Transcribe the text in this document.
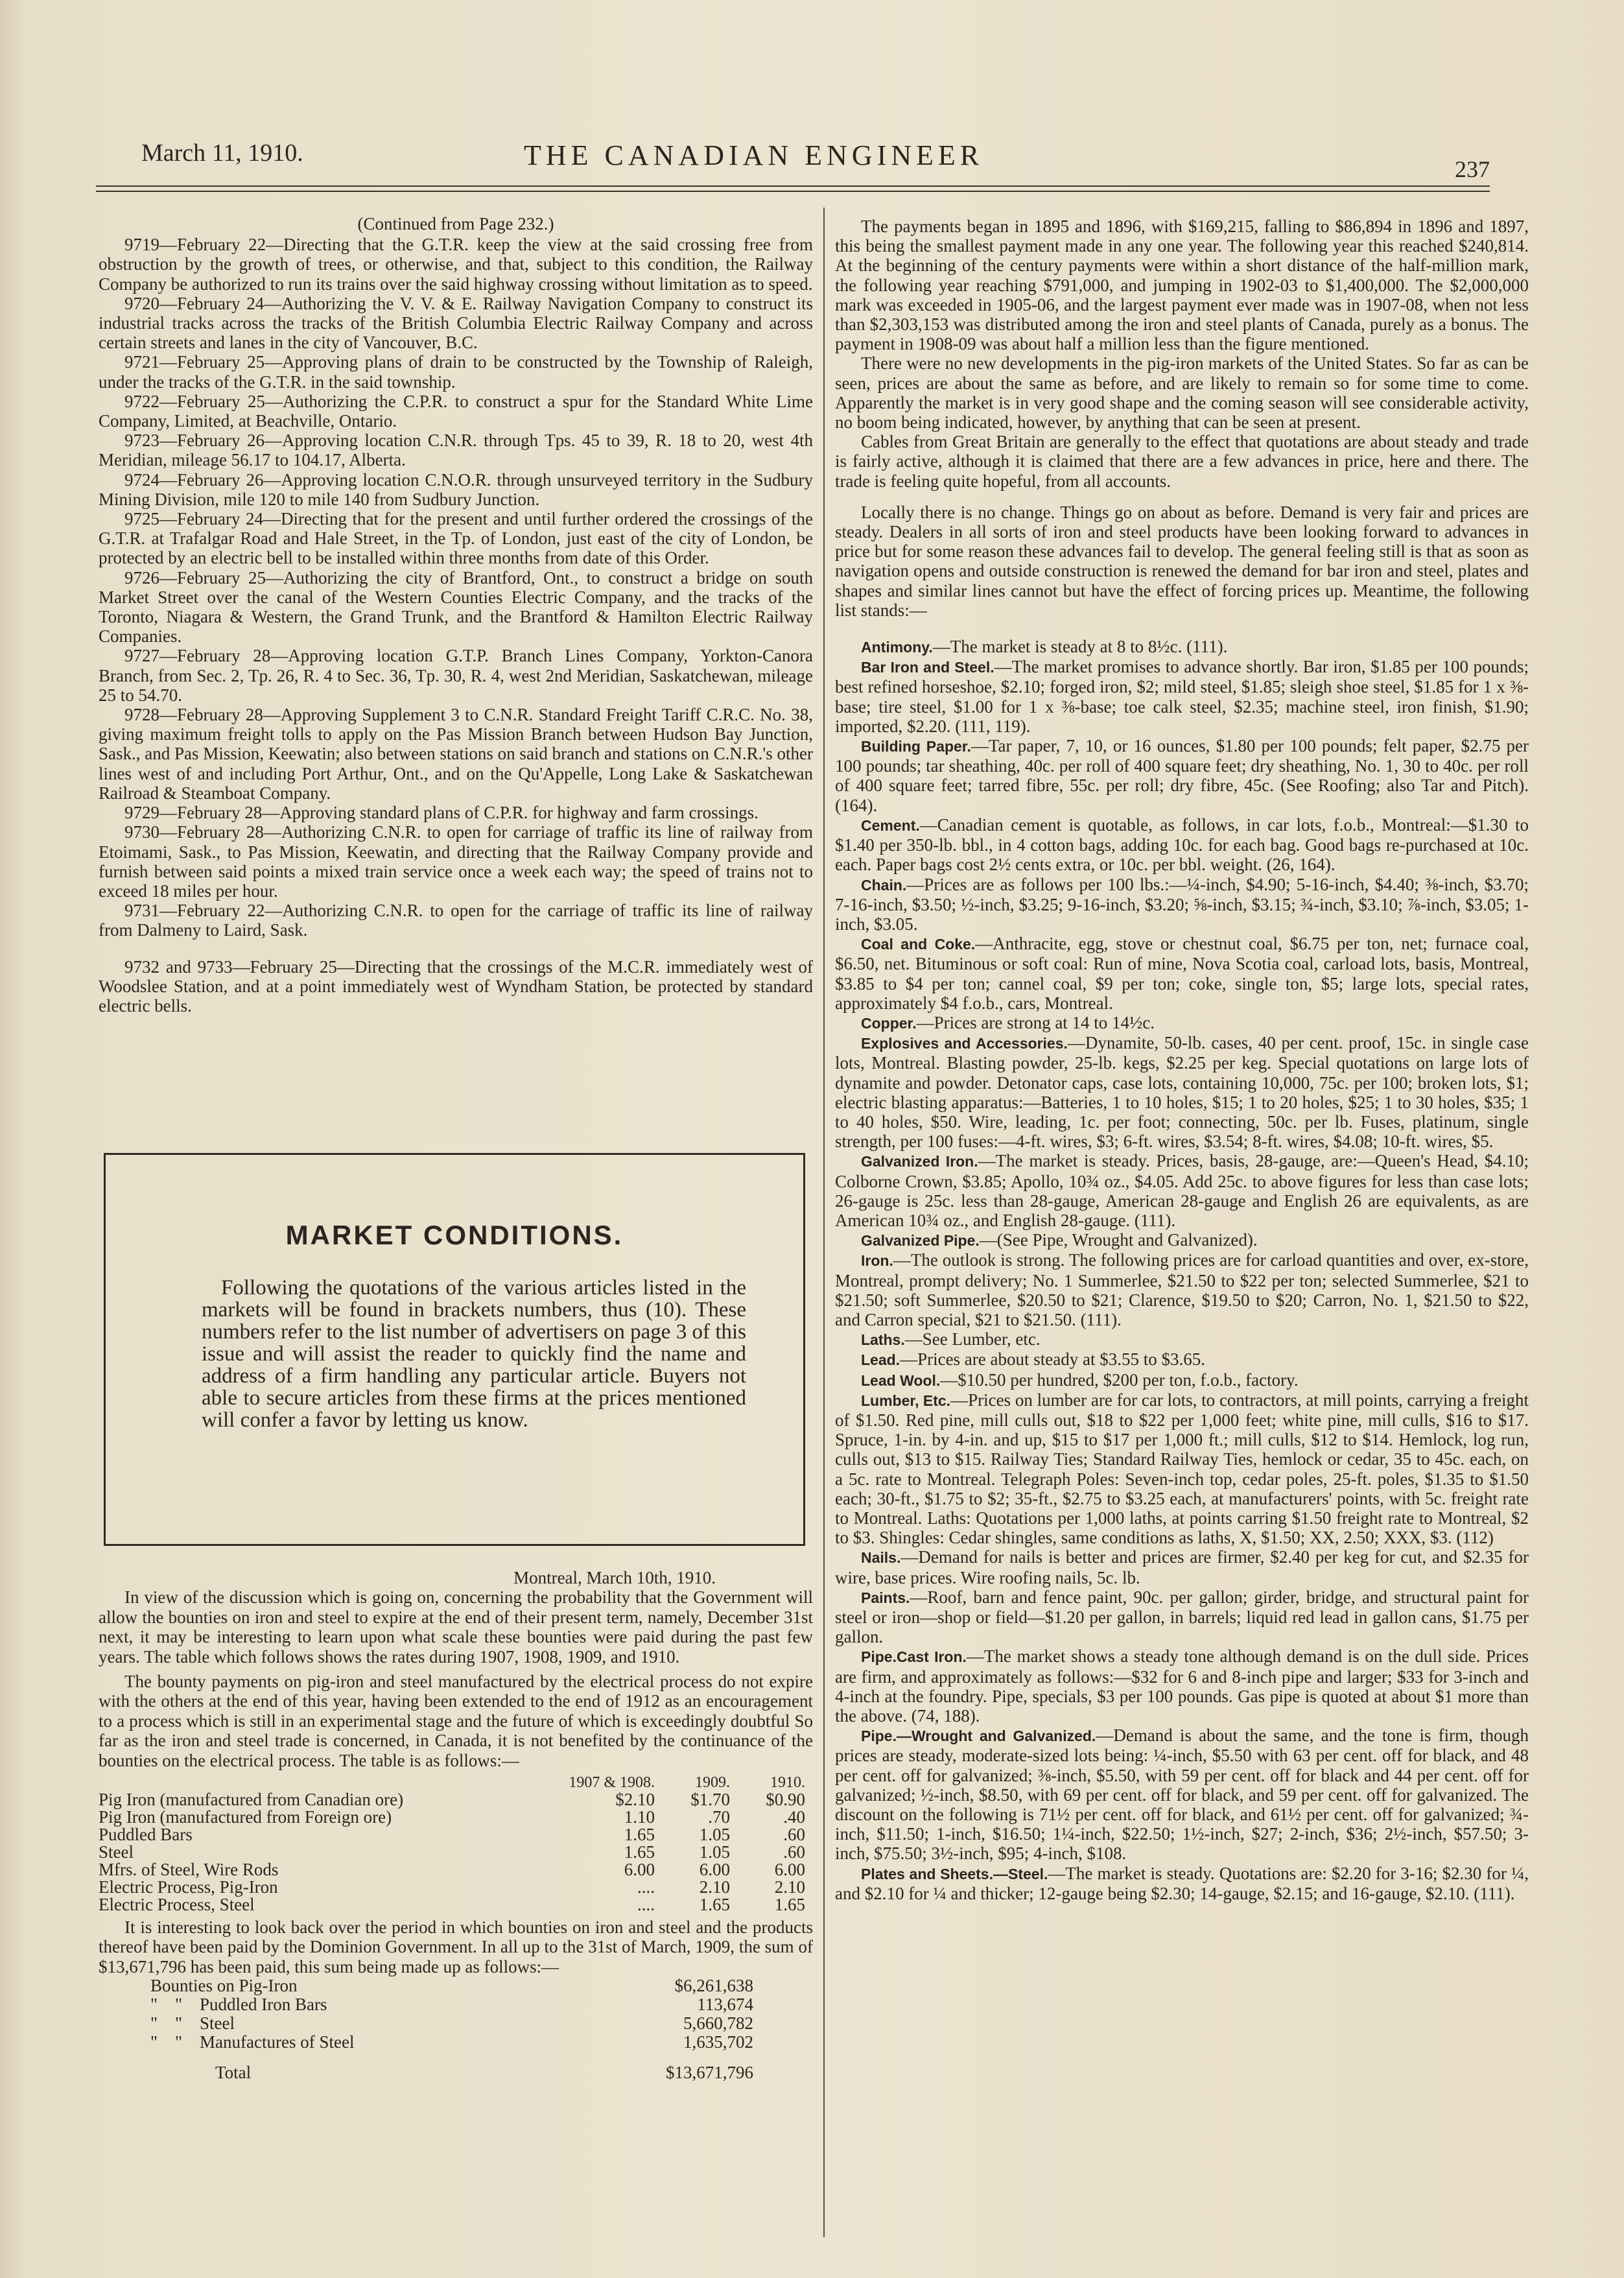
March 11, 1910.	THE CANADIAN ENGINEER	237

(Continued from Page 232.)

9719—February 22—Directing that the G.T.R. keep the view at the said crossing free from obstruction by the growth of trees, or otherwise, and that, subject to this condition, the Railway Company be authorized to run its trains over the said highway crossing without limitation as to speed.

9720—February 24—Authorizing the V. V. & E. Railway Navigation Company to construct its industrial tracks across the tracks of the British Columbia Electric Railway Company and across certain streets and lanes in the city of Vancouver, B.C.

9721—February 25—Approving plans of drain to be constructed by the Township of Raleigh, under the tracks of the G.T.R. in the said township.

9722—February 25—Authorizing the C.P.R. to construct a spur for the Standard White Lime Company, Limited, at Beachville, Ontario.

9723—February 26—Approving location C.N.R. through Tps. 45 to 39, R. 18 to 20, west 4th Meridian, mileage 56.17 to 104.17, Alberta.

9724—February 26—Approving location C.N.O.R. through unsurveyed territory in the Sudbury Mining Division, mile 120 to mile 140 from Sudbury Junction.

9725—February 24—Directing that for the present and until further ordered the crossings of the G.T.R. at Trafalgar Road and Hale Street, in the Tp. of London, just east of the city of London, be protected by an electric bell to be installed within three months from date of this Order.

9726—February 25—Authorizing the city of Brantford, Ont., to construct a bridge on south Market Street over the canal of the Western Counties Electric Company, and the tracks of the Toronto, Niagara & Western, the Grand Trunk, and the Brantford & Hamilton Electric Railway Companies.

9727—February 28—Approving location G.T.P. Branch Lines Company, Yorkton-Canora Branch, from Sec. 2, Tp. 26, R. 4 to Sec. 36, Tp. 30, R. 4, west 2nd Meridian, Saskatchewan, mileage 25 to 54.70.

9728—February 28—Approving Supplement 3 to C.N.R. Standard Freight Tariff C.R.C. No. 38, giving maximum freight tolls to apply on the Pas Mission Branch between Hudson Bay Junction, Sask., and Pas Mission, Keewatin; also between stations on said branch and stations on C.N.R.'s other lines west of and including Port Arthur, Ont., and on the Qu'Appelle, Long Lake & Saskatchewan Railroad & Steamboat Company.

9729—February 28—Approving standard plans of C.P.R. for highway and farm crossings.

9730—February 28—Authorizing C.N.R. to open for carriage of traffic its line of railway from Etoimami, Sask., to Pas Mission, Keewatin, and directing that the Railway Company provide and furnish between said points a mixed train service once a week each way; the speed of trains not to exceed 18 miles per hour.

9731—February 22—Authorizing C.N.R. to open for the carriage of traffic its line of railway from Dalmeny to Laird, Sask.

9732 and 9733—February 25—Directing that the crossings of the M.C.R. immediately west of Woodslee Station, and at a point immediately west of Wyndham Station, be protected by standard electric bells.

MARKET CONDITIONS.
Following the quotations of the various articles listed in the markets will be found in brackets numbers, thus (10). These numbers refer to the list number of advertisers on page 3 of this issue and will assist the reader to quickly find the name and address of a firm handling any particular article. Buyers not able to secure articles from these firms at the prices mentioned will confer a favor by letting us know.

Montreal, March 10th, 1910.

In view of the discussion which is going on, concerning the probability that the Government will allow the bounties on iron and steel to expire at the end of their present term, namely, December 31st next, it may be interesting to learn upon what scale these bounties were paid during the past few years. The table which follows shows the rates during 1907, 1908, 1909, and 1910.

The bounty payments on pig-iron and steel manufactured by the electrical process do not expire with the others at the end of this year, having been extended to the end of 1912 as an encouragement to a process which is still in an experimental stage and the future of which is exceedingly doubtful So far as the iron and steel trade is concerned, in Canada, it is not benefited by the continuance of the bounties on the electrical process. The table is as follows:—

	1907 & 1908.	1909.	1910.
Pig Iron (manufactured from Canadian ore)	$2.10	$1.70	$0.90
Pig Iron (manufactured from Foreign ore)	1.10	.70	.40
Puddled Bars	1.65	1.05	.60
Steel	1.65	1.05	.60
Mfrs. of Steel, Wire Rods	6.00	6.00	6.00
Electric Process, Pig-Iron	....	2.10	2.10
Electric Process, Steel	....	1.65	1.65

It is interesting to look back over the period in which bounties on iron and steel and the products thereof have been paid by the Dominion Government. In all up to the 31st of March, 1909, the sum of $13,671,796 has been paid, this sum being made up as follows:—

Bounties on Pig-Iron	$6,261,638
"    "    Puddled Iron Bars	113,674
"    "    Steel	5,660,782
"    "    Manufactures of Steel	1,635,702
Total	$13,671,796

The payments began in 1895 and 1896, with $169,215, falling to $86,894 in 1896 and 1897, this being the smallest payment made in any one year. The following year this reached $240,814. At the beginning of the century payments were within a short distance of the half-million mark, the following year reaching $791,000, and jumping in 1902-03 to $1,400,000. The $2,000,000 mark was exceeded in 1905-06, and the largest payment ever made was in 1907-08, when not less than $2,303,153 was distributed among the iron and steel plants of Canada, purely as a bonus. The payment in 1908-09 was about half a million less than the figure mentioned.

There were no new developments in the pig-iron markets of the United States. So far as can be seen, prices are about the same as before, and are likely to remain so for some time to come. Apparently the market is in very good shape and the coming season will see considerable activity, no boom being indicated, however, by anything that can be seen at present.

Cables from Great Britain are generally to the effect that quotations are about steady and trade is fairly active, although it is claimed that there are a few advances in price, here and there. The trade is feeling quite hopeful, from all accounts.

Locally there is no change. Things go on about as before. Demand is very fair and prices are steady. Dealers in all sorts of iron and steel products have been looking forward to advances in price but for some reason these advances fail to develop. The general feeling still is that as soon as navigation opens and outside construction is renewed the demand for bar iron and steel, plates and shapes and similar lines cannot but have the effect of forcing prices up. Meantime, the following list stands:—

Antimony.—The market is steady at 8 to 8½c. (111).

Bar Iron and Steel.—The market promises to advance shortly. Bar iron, $1.85 per 100 pounds; best refined horseshoe, $2.10; forged iron, $2; mild steel, $1.85; sleigh shoe steel, $1.85 for 1 x ⅜-base; tire steel, $1.00 for 1 x ⅜-base; toe calk steel, $2.35; machine steel, iron finish, $1.90; imported, $2.20. (111, 119).

Building Paper.—Tar paper, 7, 10, or 16 ounces, $1.80 per 100 pounds; felt paper, $2.75 per 100 pounds; tar sheathing, 40c. per roll of 400 square feet; dry sheathing, No. 1, 30 to 40c. per roll of 400 square feet; tarred fibre, 55c. per roll; dry fibre, 45c. (See Roofing; also Tar and Pitch). (164).

Cement.—Canadian cement is quotable, as follows, in car lots, f.o.b., Montreal:—$1.30 to $1.40 per 350-lb. bbl., in 4 cotton bags, adding 10c. for each bag. Good bags re-purchased at 10c. each. Paper bags cost 2½ cents extra, or 10c. per bbl. weight. (26, 164).

Chain.—Prices are as follows per 100 lbs.:—¼-inch, $4.90; 5-16-inch, $4.40; ⅜-inch, $3.70; 7-16-inch, $3.50; ½-inch, $3.25; 9-16-inch, $3.20; ⅝-inch, $3.15; ¾-inch, $3.10; ⅞-inch, $3.05; 1-inch, $3.05.

Coal and Coke.—Anthracite, egg, stove or chestnut coal, $6.75 per ton, net; furnace coal, $6.50, net. Bituminous or soft coal: Run of mine, Nova Scotia coal, carload lots, basis, Montreal, $3.85 to $4 per ton; cannel coal, $9 per ton; coke, single ton, $5; large lots, special rates, approximately $4 f.o.b., cars, Montreal.

Copper.—Prices are strong at 14 to 14½c.

Explosives and Accessories.—Dynamite, 50-lb. cases, 40 per cent. proof, 15c. in single case lots, Montreal. Blasting powder, 25-lb. kegs, $2.25 per keg. Special quotations on large lots of dynamite and powder. Detonator caps, case lots, containing 10,000, 75c. per 100; broken lots, $1; electric blasting apparatus:—Batteries, 1 to 10 holes, $15; 1 to 20 holes, $25; 1 to 30 holes, $35; 1 to 40 holes, $50. Wire, leading, 1c. per foot; connecting, 50c. per lb. Fuses, platinum, single strength, per 100 fuses:—4-ft. wires, $3; 6-ft. wires, $3.54; 8-ft. wires, $4.08; 10-ft. wires, $5.

Galvanized Iron.—The market is steady. Prices, basis, 28-gauge, are:—Queen's Head, $4.10; Colborne Crown, $3.85; Apollo, 10¾ oz., $4.05. Add 25c. to above figures for less than case lots; 26-gauge is 25c. less than 28-gauge, American 28-gauge and English 26 are equivalents, as are American 10¾ oz., and English 28-gauge. (111).

Galvanized Pipe.—(See Pipe, Wrought and Galvanized).

Iron.—The outlook is strong. The following prices are for carload quantities and over, ex-store, Montreal, prompt delivery; No. 1 Summerlee, $21.50 to $22 per ton; selected Summerlee, $21 to $21.50; soft Summerlee, $20.50 to $21; Clarence, $19.50 to $20; Carron, No. 1, $21.50 to $22, and Carron special, $21 to $21.50. (111).

Laths.—See Lumber, etc.

Lead.—Prices are about steady at $3.55 to $3.65.

Lead Wool.—$10.50 per hundred, $200 per ton, f.o.b., factory.

Lumber, Etc.—Prices on lumber are for car lots, to contractors, at mill points, carrying a freight of $1.50. Red pine, mill culls out, $18 to $22 per 1,000 feet; white pine, mill culls, $16 to $17. Spruce, 1-in. by 4-in. and up, $15 to $17 per 1,000 ft.; mill culls, $12 to $14. Hemlock, log run, culls out, $13 to $15. Railway Ties; Standard Railway Ties, hemlock or cedar, 35 to 45c. each, on a 5c. rate to Montreal. Telegraph Poles: Seven-inch top, cedar poles, 25-ft. poles, $1.35 to $1.50 each; 30-ft., $1.75 to $2; 35-ft., $2.75 to $3.25 each, at manufacturers' points, with 5c. freight rate to Montreal. Laths: Quotations per 1,000 laths, at points carring $1.50 freight rate to Montreal, $2 to $3. Shingles: Cedar shingles, same conditions as laths, X, $1.50; XX, 2.50; XXX, $3. (112)

Nails.—Demand for nails is better and prices are firmer, $2.40 per keg for cut, and $2.35 for wire, base prices. Wire roofing nails, 5c. lb.

Paints.—Roof, barn and fence paint, 90c. per gallon; girder, bridge, and structural paint for steel or iron—shop or field—$1.20 per gallon, in barrels; liquid red lead in gallon cans, $1.75 per gallon.

Pipe.Cast Iron.—The market shows a steady tone although demand is on the dull side. Prices are firm, and approximately as follows:—$32 for 6 and 8-inch pipe and larger; $33 for 3-inch and 4-inch at the foundry. Pipe, specials, $3 per 100 pounds. Gas pipe is quoted at about $1 more than the above. (74, 188).

Pipe.—Wrought and Galvanized.—Demand is about the same, and the tone is firm, though prices are steady, moderate-sized lots being: ¼-inch, $5.50 with 63 per cent. off for black, and 48 per cent. off for galvanized; ⅜-inch, $5.50, with 59 per cent. off for black and 44 per cent. off for galvanized; ½-inch, $8.50, with 69 per cent. off for black, and 59 per cent. off for galvanized. The discount on the following is 71½ per cent. off for black, and 61½ per cent. off for galvanized; ¾-inch, $11.50; 1-inch, $16.50; 1¼-inch, $22.50; 1½-inch, $27; 2-inch, $36; 2½-inch, $57.50; 3-inch, $75.50; 3½-inch, $95; 4-inch, $108.

Plates and Sheets.—Steel.—The market is steady. Quotations are: $2.20 for 3-16; $2.30 for ¼, and $2.10 for ¼ and thicker; 12-gauge being $2.30; 14-gauge, $2.15; and 16-gauge, $2.10. (111).
